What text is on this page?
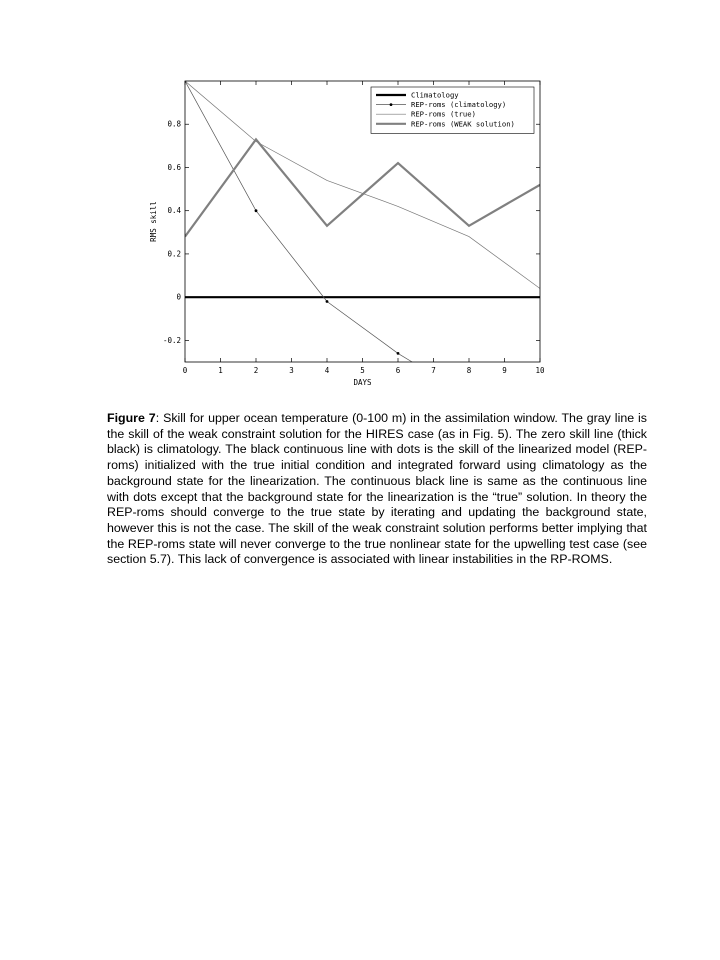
0	1	2	3	4	5	6	7	8	9	10
-0.2
0
0.2
0.4
0.6
0.8
DAYS
RMS skill
Climatology
REP-roms (climatology)
REP-roms (true)
REP-roms (WEAK solution)

Figure 7: Skill for upper ocean temperature (0-100 m) in the assimilation window. The gray line is the skill of the weak constraint solution for the HIRES case (as in Fig. 5). The zero skill line (thick black) is climatology. The black continuous line with dots is the skill of the linearized model (REP-roms) initialized with the true initial condition and integrated forward using climatology as the background state for the linearization. The continuous black line is same as the continuous line with dots except that the background state for the linearization is the “true” solution. In theory the REP-roms should converge to the true state by iterating and updating the background state, however this is not the case. The skill of the weak constraint solution performs better implying that the REP-roms state will never converge to the true nonlinear state for the upwelling test case (see section 5.7). This lack of convergence is associated with linear instabilities in the RP-ROMS.
